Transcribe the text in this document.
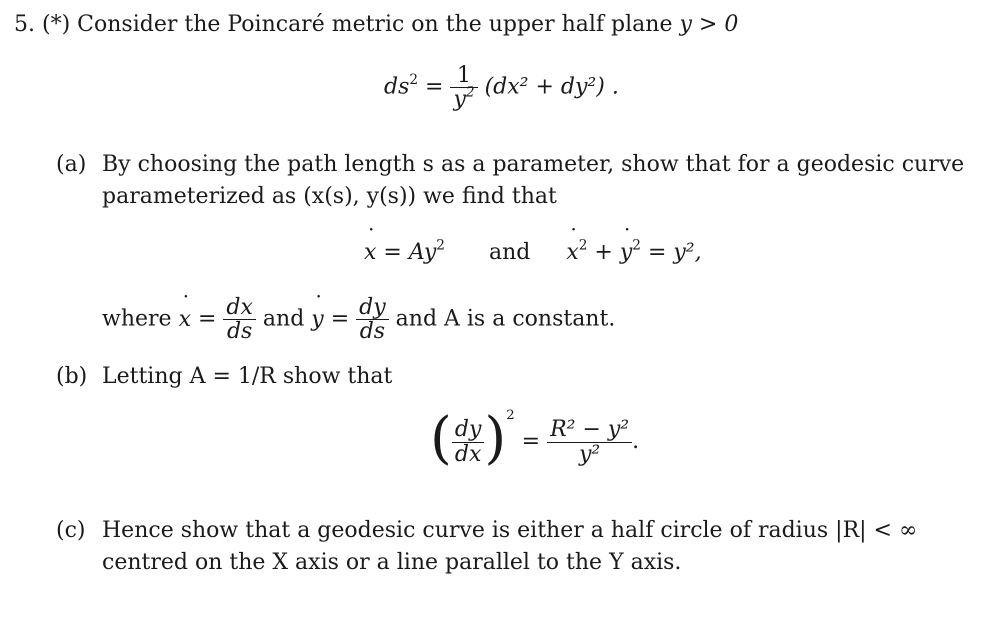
5. (*) Consider the Poincaré metric on the upper half plane y > 0
$ds^2 = \frac{1}{y^2} (dx^2 + dy^2)$ .
(a) By choosing the path length s as a parameter, show that for a geodesic curve
parameterized as (x(s), y(s)) we find that
x ˙ = $Ay^2$ and x ˙$^2$ + y ˙$^2$ = y²,
where x ˙ = $\frac{dx}{ds}$ and y ˙ = $\frac{dy}{ds}$ and A is a constant.
(b) Letting A = 1/R show that
( $\frac{dy}{dx} )^2 = \frac{\text{R² − y²}}{\text{y²}}$ .
(c) Hence show that a geodesic curve is either a half circle of radius |R| < ∞
centred on the X axis or a line parallel to the Y axis.
